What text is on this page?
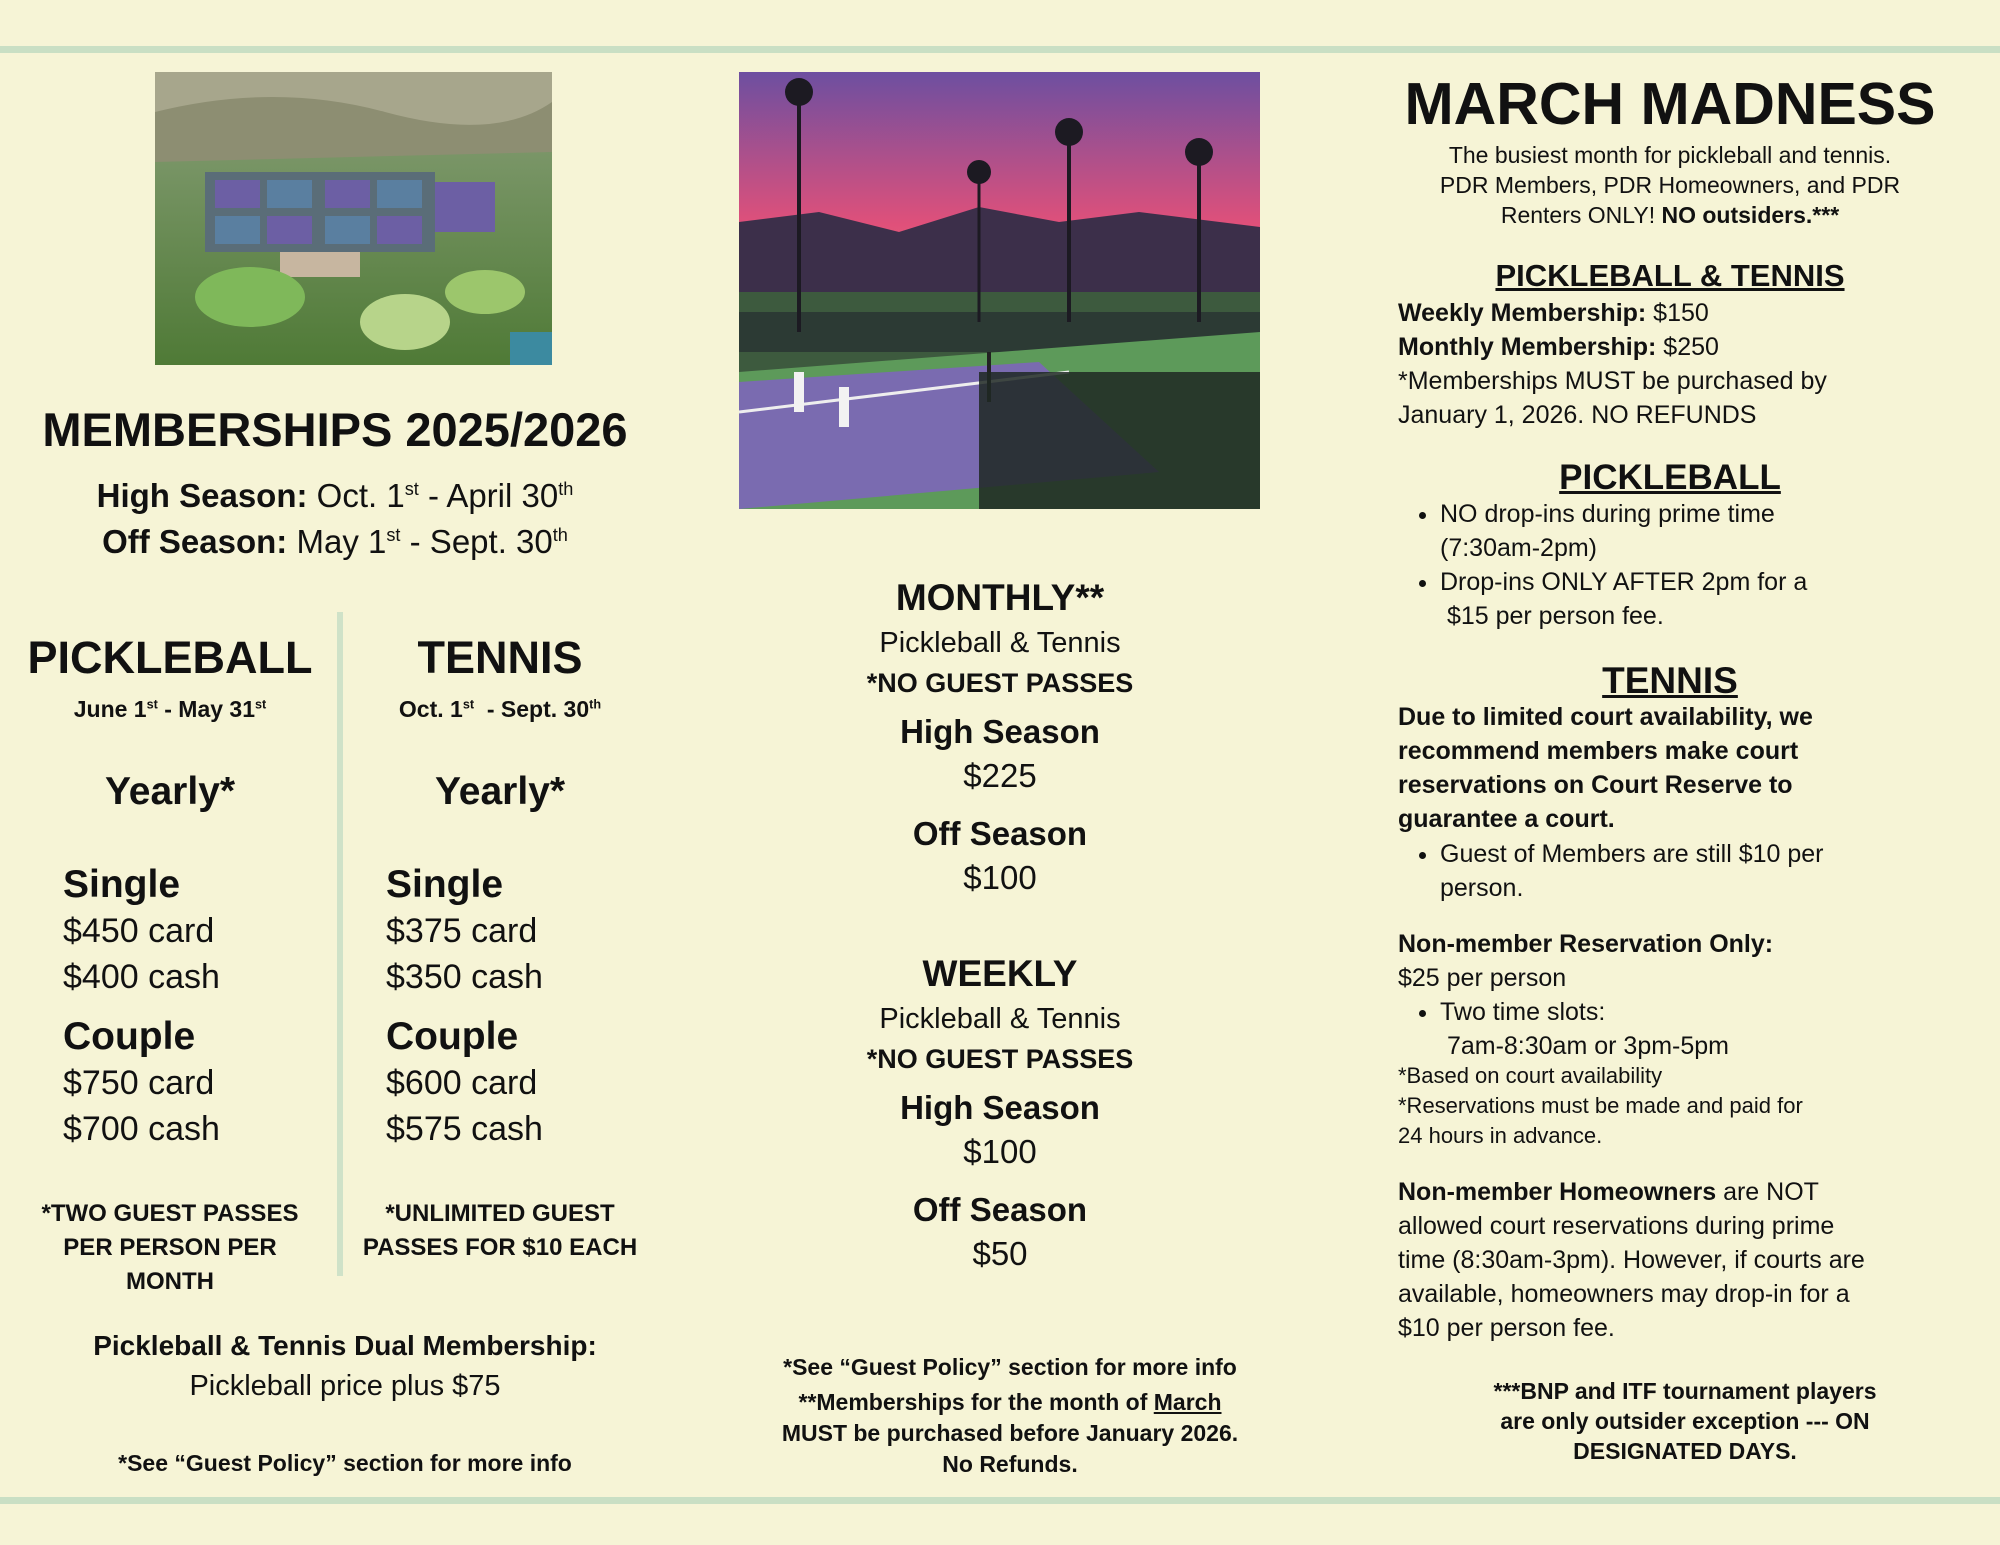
MEMBERSHIPS 2025/2026
High Season: Oct. 1st - April 30th
Off Season: May 1st - Sept. 30th
PICKLEBALL
June 1st - May 31st
Yearly*
Single
$450 card
$400 cash
Couple
$750 card
$700 cash
*TWO GUEST PASSES
PER PERSON PER
MONTH
TENNIS
Oct. 1st  - Sept. 30th
Yearly*
Single
$375 card
$350 cash
Couple
$600 card
$575 cash
*UNLIMITED GUEST
PASSES FOR $10 EACH
Pickleball & Tennis Dual Membership:
Pickleball price plus $75
*See “Guest Policy” section for more info
MONTHLY**
Pickleball & Tennis
*NO GUEST PASSES
High Season
$225
Off Season
$100
WEEKLY
Pickleball & Tennis
*NO GUEST PASSES
High Season
$100
Off Season
$50
*See “Guest Policy” section for more info
**Memberships for the month of March
MUST be purchased before January 2026.
No Refunds.
MARCH MADNESS
The busiest month for pickleball and tennis.
PDR Members, PDR Homeowners, and PDR
Renters ONLY! NO outsiders.***
PICKLEBALL & TENNIS
Weekly Membership: $150
Monthly Membership: $250
*Memberships MUST be purchased by
January 1, 2026. NO REFUNDS
PICKLEBALL
• NO drop-ins during prime time
(7:30am-2pm)
• Drop-ins ONLY AFTER 2pm for a
$15 per person fee.
TENNIS
Due to limited court availability, we
recommend members make court
reservations on Court Reserve to
guarantee a court.
• Guest of Members are still $10 per
person.
Non-member Reservation Only:
$25 per person
• Two time slots:
7am-8:30am or 3pm-5pm
*Based on court availability
*Reservations must be made and paid for
24 hours in advance.
Non-member Homeowners are NOT
allowed court reservations during prime
time (8:30am-3pm). However, if courts are
available, homeowners may drop-in for a
$10 per person fee.
***BNP and ITF tournament players
are only outsider exception --- ON
DESIGNATED DAYS.
